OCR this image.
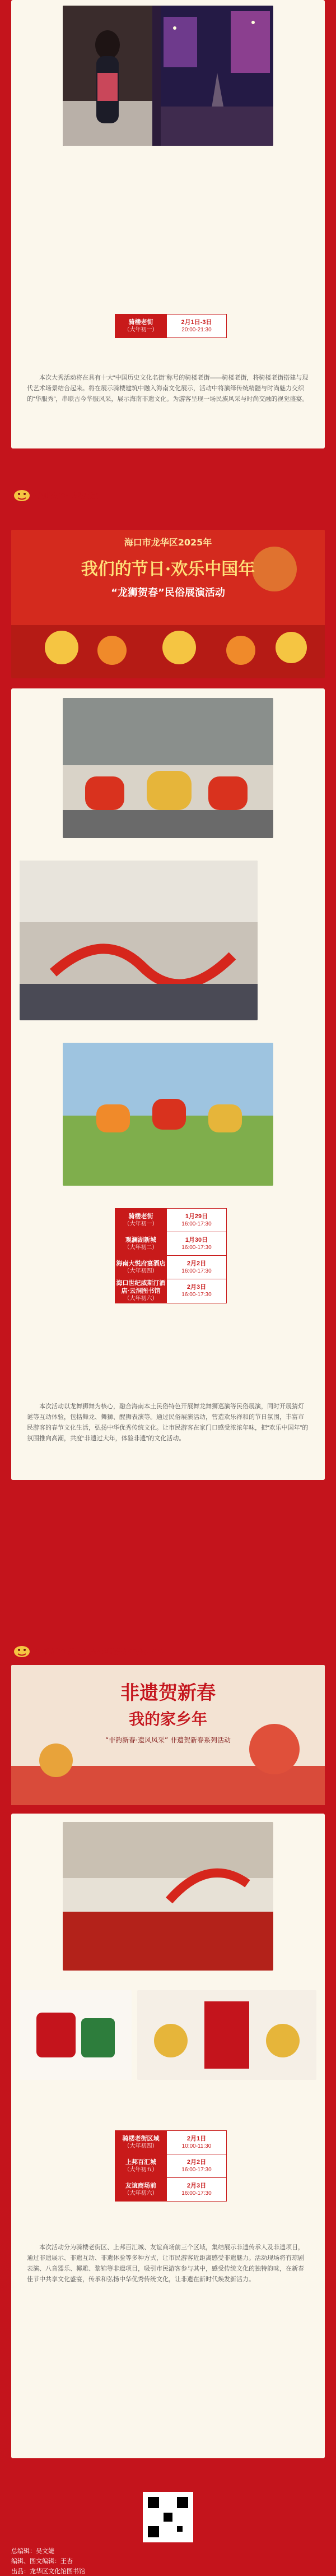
骑楼老街
（大年初一）
	2月1日-3日
20:00-21:30

本次大秀活动将在具有十大“中国历史文化名街”称号的骑楼老街——骑楼老街，将骑楼老街搭建与现代艺术场景结合起来。将在展示骑楼建筑中融入海南文化展示，活动中将演绎传统精髓与时尚魅力交织的“华服秀”，串联古今华服风采，展示海南非遗文化。为游客呈现一场民族风采与时尚交融的视觉盛宴。

“龙狮贺春”民俗展演
海口市龙华区2025年
我们的节日·欢乐中国年
“龙狮贺春”民俗展演活动
骑楼老街
（大年初一）	1月29日
16:00-17:30

观澜湖新城
（大年初二）	1月30日
16:00-17:30

海南大悦府宴酒店
（大年初四）	2月2日
16:00-17:30

海口世纪威斯汀酒店·云洞图书馆
（大年初六）	2月3日
16:00-17:30

本次活动以龙舞狮舞为核心，融合海南本土民俗特色开展舞龙舞狮巡演等民俗展演，同时开展猜灯谜等互动体验，包括舞龙、舞狮、醒狮表演等。通过民俗展演活动，营造欢乐祥和的节日氛围，丰富市民游客的春节文化生活，弘扬中华优秀传统文化。让市民游客在家门口感受浓浓年味，把“欢乐中国年”的氛围推向高潮，共度“非遗过大年，体验非遗”的文化活动。

“非韵新春·遗风风采”非遗贺新春系列活动
非遗贺新春
我的家乡年
“非韵新春·遗风风采” 非遗贺新春系列活动
骑楼老街区域
（大年初四）	2月1日
10:00-11:30

上邦百汇城
（大年初五）	2月2日
16:00-17:30

友谊商场前
（大年初六）	2月3日
16:00-17:30

本次活动分为骑楼老街区、上邦百汇城、友谊商场前三个区域，集结展示非遗传承人及非遗项目，通过非遗展示、非遗互动、非遗体验等多种方式，让市民游客近距离感受非遗魅力。活动现场将有琼剧表演、八音器乐、椰雕、黎锦等非遗项目，吸引市民游客参与其中，感受传统文化的独特韵味，在新春佳节中共享文化盛宴，传承和弘扬中华优秀传统文化，让非遗在新时代焕发新活力。

总编辑：吴文婕
编辑、图文编辑：王杏
出品：龙华区文化馆图书馆
